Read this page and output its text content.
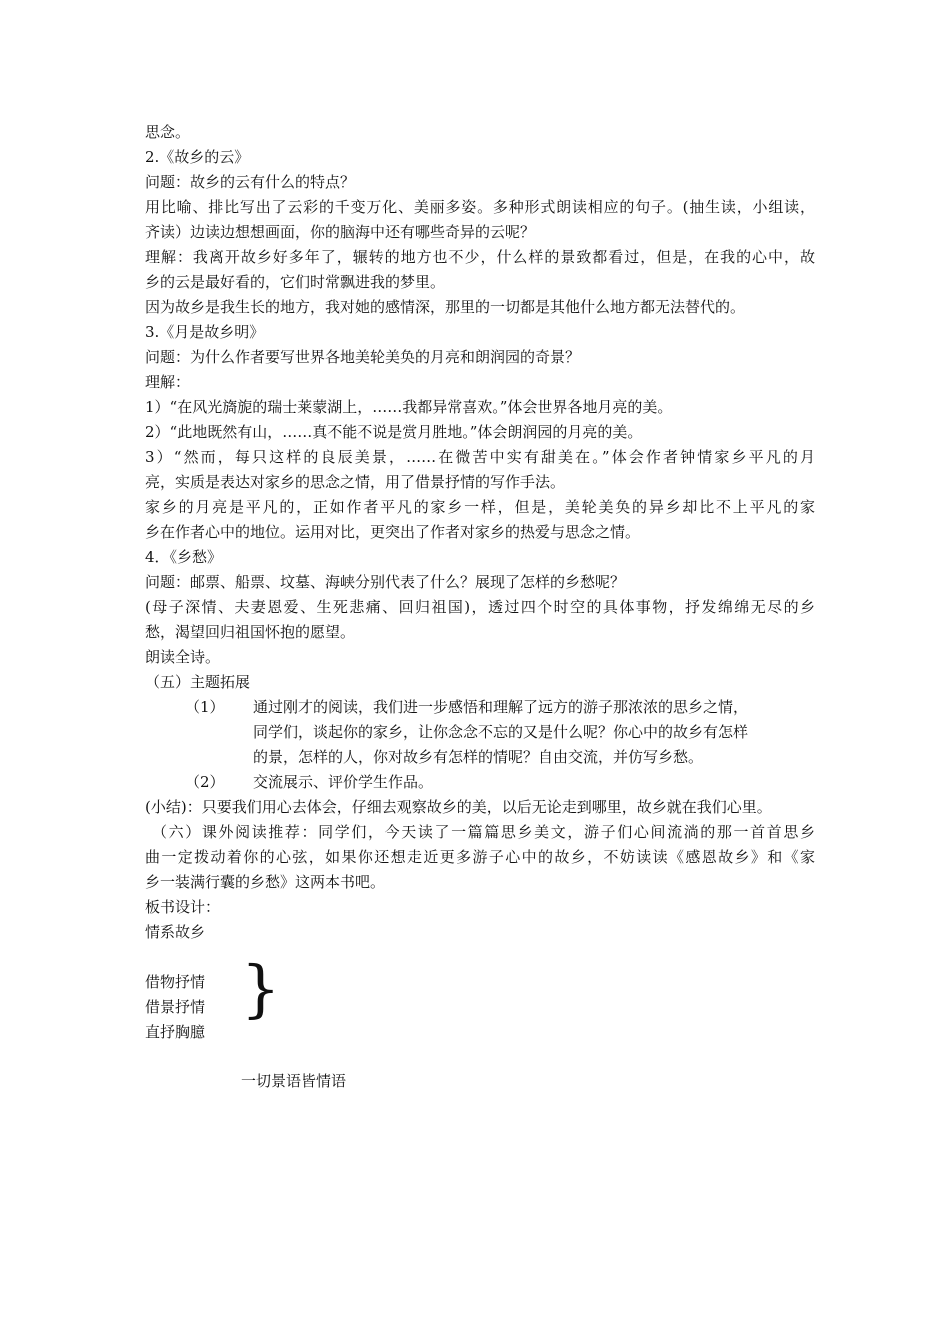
思念。
2.《故乡的云》
问题：故乡的云有什么的特点？
用比喻、排比写出了云彩的千变万化、美丽多姿。多种形式朗读相应的句子。(抽生读，小组读，
齐读）边读边想想画面，你的脑海中还有哪些奇异的云呢？
理解：我离开故乡好多年了，辗转的地方也不少，什么样的景致都看过，但是，在我的心中，故
乡的云是最好看的，它们时常飘进我的梦里。
因为故乡是我生长的地方，我对她的感情深，那里的一切都是其他什么地方都无法替代的。
3.《月是故乡明》
问题：为什么作者要写世界各地美轮美奂的月亮和朗润园的奇景？
理解：
1）“在风光旖旎的瑞士莱蒙湖上，……我都异常喜欢。”体会世界各地月亮的美。
2）“此地既然有山，……真不能不说是赏月胜地。”体会朗润园的月亮的美。
3）“然而，每只这样的良辰美景，……在微苦中实有甜美在。”体会作者钟情家乡平凡的月
亮，实质是表达对家乡的思念之情，用了借景抒情的写作手法。
家乡的月亮是平凡的，正如作者平凡的家乡一样，但是，美轮美奂的异乡却比不上平凡的家
乡在作者心中的地位。运用对比，更突出了作者对家乡的热爱与思念之情。
4．《乡愁》
问题：邮票、船票、坟墓、海峡分别代表了什么？展现了怎样的乡愁呢？
(母子深情、夫妻恩爱、生死悲痛、回归祖国)，透过四个时空的具体事物，抒发绵绵无尽的乡
愁，渴望回归祖国怀抱的愿望。
朗读全诗。
（五）主题拓展
（1） 通过刚才的阅读，我们进一步感悟和理解了远方的游子那浓浓的思乡之情，
同学们，谈起你的家乡，让你念念不忘的又是什么呢？你心中的故乡有怎样
的景，怎样的人，你对故乡有怎样的情呢？自由交流，并仿写乡愁。
（2） 交流展示、评价学生作品。
(小结)：只要我们用心去体会，仔细去观察故乡的美，以后无论走到哪里，故乡就在我们心里。
（六）课外阅读推荐：同学们，今天读了一篇篇思乡美文，游子们心间流淌的那一首首思乡
曲一定拨动着你的心弦，如果你还想走近更多游子心中的故乡，不妨读读《感恩故乡》和《家
乡一装满行囊的乡愁》这两本书吧。
板书设计：
情系故乡
借物抒情
借景抒情
直抒胸臆
}
一切景语皆情语
